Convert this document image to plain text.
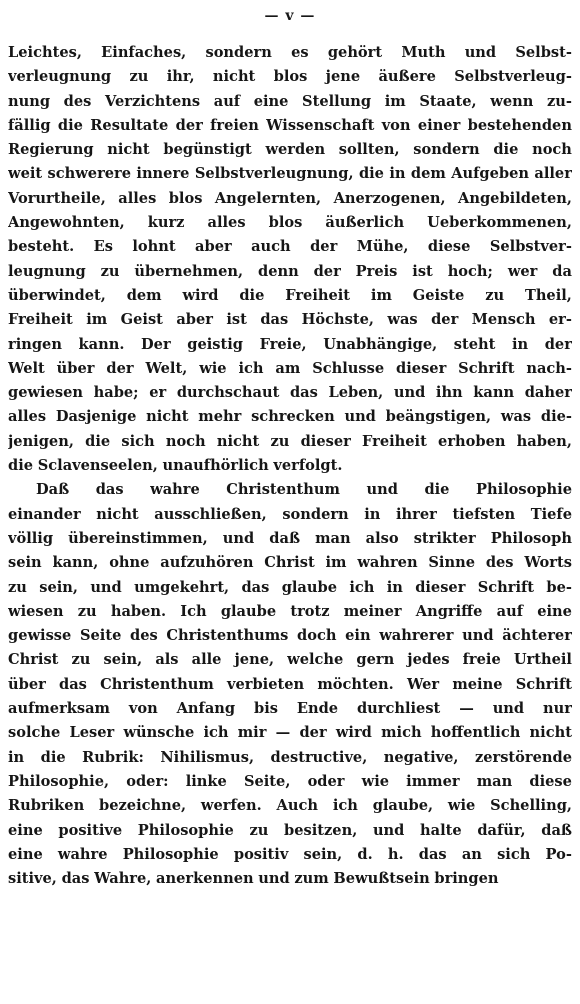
— v —
Leichtes, Einfaches, sondern es gehört Muth und Selbst-
verleugnung zu ihr, nicht blos jene äußere Selbstverleug-
nung des Verzichtens auf eine Stellung im Staate, wenn zu-
fällig die Resultate der freien Wissenschaft von einer bestehenden
Regierung nicht begünstigt werden sollten, sondern die noch
weit schwerere innere Selbstverleugnung, die in dem Aufgeben aller
Vorurtheile, alles blos Angelernten, Anerzogenen, Angebildeten,
Angewohnten, kurz alles blos äußerlich Ueberkommenen,
besteht. Es lohnt aber auch der Mühe, diese Selbstver-
leugnung zu übernehmen, denn der Preis ist hoch; wer da
überwindet, dem wird die Freiheit im Geiste zu Theil,
Freiheit im Geist aber ist das Höchste, was der Mensch er-
ringen kann. Der geistig Freie, Unabhängige, steht in der
Welt über der Welt, wie ich am Schlusse dieser Schrift nach-
gewiesen habe; er durchschaut das Leben, und ihn kann daher
alles Dasjenige nicht mehr schrecken und beängstigen, was die-
jenigen, die sich noch nicht zu dieser Freiheit erhoben haben,
die Sclavenseelen, unaufhörlich verfolgt.
Daß das wahre Christenthum und die Philosophie
einander nicht ausschließen, sondern in ihrer tiefsten Tiefe
völlig übereinstimmen, und daß man also strikter Philosoph
sein kann, ohne aufzuhören Christ im wahren Sinne des Worts
zu sein, und umgekehrt, das glaube ich in dieser Schrift be-
wiesen zu haben. Ich glaube trotz meiner Angriffe auf eine
gewisse Seite des Christenthums doch ein wahrerer und ächterer
Christ zu sein, als alle jene, welche gern jedes freie Urtheil
über das Christenthum verbieten möchten. Wer meine Schrift
aufmerksam von Anfang bis Ende durchliest — und nur
solche Leser wünsche ich mir — der wird mich hoffentlich nicht
in die Rubrik: Nihilismus, destructive, negative, zerstörende
Philosophie, oder: linke Seite, oder wie immer man diese
Rubriken bezeichne, werfen. Auch ich glaube, wie Schelling,
eine positive Philosophie zu besitzen, und halte dafür, daß
eine wahre Philosophie positiv sein, d. h. das an sich Po-
sitive, das Wahre, anerkennen und zum Bewußtsein bringen
